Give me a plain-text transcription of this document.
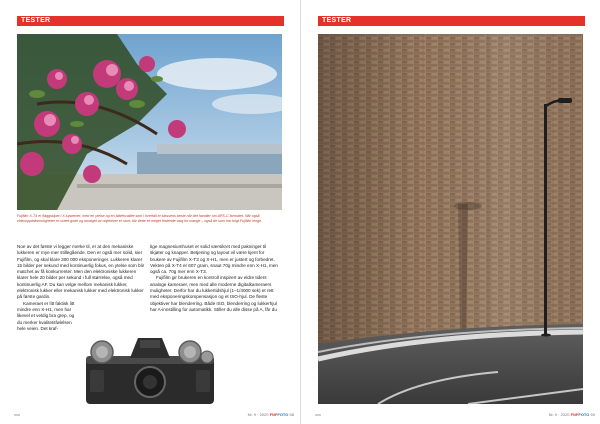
TESTER
Fujifilm X-T4 er flaggskipet i X-systemet, med en ytelse og en bildekvalitet som i hverfall er klassens beste når det handler om APS-C-formatet. Når også videoopptaksmuligheter er svært gode og utvalget av objektiver er stort, blir dette et meget fristende valg for mange – også de som har fulgt Fujifilm lenge.

Noe av det første vi legger merke til, er at den mekaniske lukkeren er mye mer stillegående. Den er også mer solid, sier Fujifilm, og skal klare 300 000 eksponeringer. Lukkeren klarer 15 bilder per sekund med kontinuerlig fokus, en ytelse som blir matchet av få konkurrenter. Men den elektroniske lukkeren klarer hele 20 bilder per sekund i full størrelse, også med kontinuerlig AF. Du kan velge mellom mekanisk lukker, elektronisk lukker eller mekanisk lukker med elektronisk lukker på første gardin.

Kameraet er litt faktisk litt mindre enn X-H1, men har likevel et veldig bra grep, og du merker kvalitetsfølelsen hele veien. Det kraf-

tige magnesiumhuset er solid værsikret med pakninger til skjøter og knapper. Betjening og layout vil være kjent for brukere av Fujifilm X-T3 og X-H1, men er justert og forbedret. Vekten på X-T4 er 607 gram, snaut 70g mindre enn X-H1, men også ca. 70g mer enn X-T3.

Fujifilm gir brukeren en kontroll inspirert av eldre tiders analoge kameraer, men med alle moderne digitalkameraers muligheter. Derfor har du lukkertidshjul (1–1/4000 sek) et rett med eksponeringskompensasjon og et ISO-hjul. De fleste objektiver har blenderring. Både ISO, blenderring og lukkerhjul har A-innstilling for automatikk. Stiller du alle disse på A, får du

xxx	Nr. 9 · 2020 FNFFOTO 58
TESTER
xxx	Nr. 9 · 2020 FNFFOTO 59
